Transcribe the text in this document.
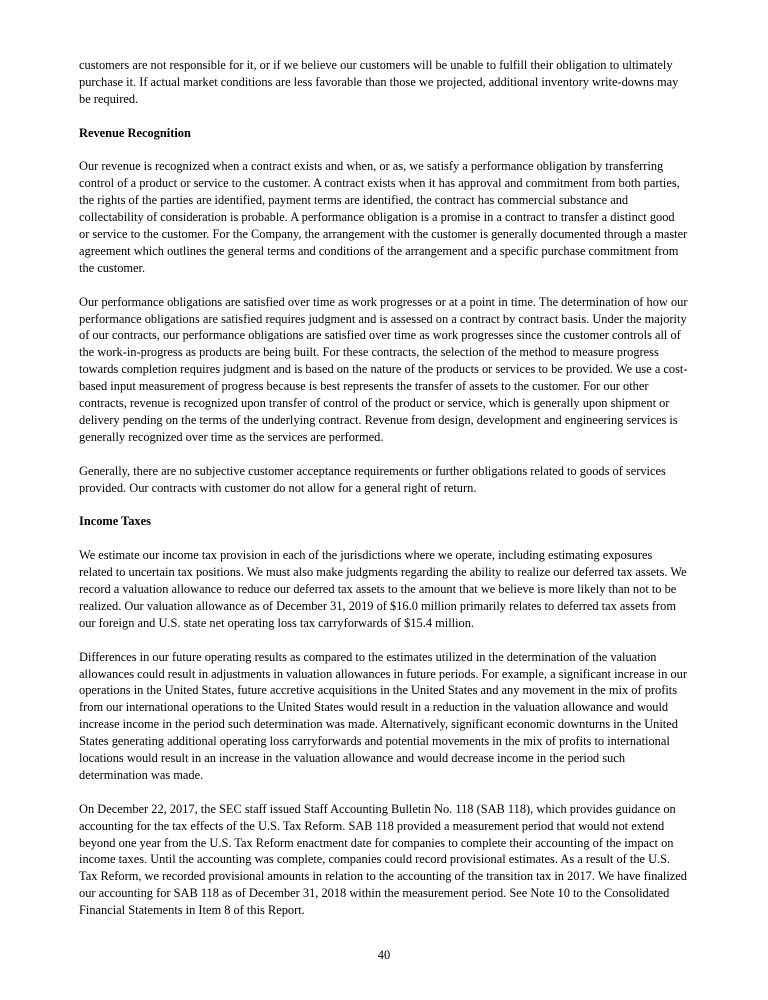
customers are not responsible for it, or if we believe our customers will be unable to fulfill their obligation to ultimately purchase it. If actual market conditions are less favorable than those we projected, additional inventory write-downs may be required.

Revenue Recognition

Our revenue is recognized when a contract exists and when, or as, we satisfy a performance obligation by transferring control of a product or service to the customer. A contract exists when it has approval and commitment from both parties, the rights of the parties are identified, payment terms are identified, the contract has commercial substance and collectability of consideration is probable. A performance obligation is a promise in a contract to transfer a distinct good or service to the customer. For the Company, the arrangement with the customer is generally documented through a master agreement which outlines the general terms and conditions of the arrangement and a specific purchase commitment from the customer.

Our performance obligations are satisfied over time as work progresses or at a point in time. The determination of how our performance obligations are satisfied requires judgment and is assessed on a contract by contract basis. Under the majority of our contracts, our performance obligations are satisfied over time as work progresses since the customer controls all of the work-in-progress as products are being built. For these contracts, the selection of the method to measure progress towards completion requires judgment and is based on the nature of the products or services to be provided. We use a cost-based input measurement of progress because is best represents the transfer of assets to the customer. For our other contracts, revenue is recognized upon transfer of control of the product or service, which is generally upon shipment or delivery pending on the terms of the underlying contract. Revenue from design, development and engineering services is generally recognized over time as the services are performed.

Generally, there are no subjective customer acceptance requirements or further obligations related to goods of services provided. Our contracts with customer do not allow for a general right of return.

Income Taxes

We estimate our income tax provision in each of the jurisdictions where we operate, including estimating exposures related to uncertain tax positions. We must also make judgments regarding the ability to realize our deferred tax assets. We record a valuation allowance to reduce our deferred tax assets to the amount that we believe is more likely than not to be realized. Our valuation allowance as of December 31, 2019 of $16.0 million primarily relates to deferred tax assets from our foreign and U.S. state net operating loss tax carryforwards of $15.4 million.

Differences in our future operating results as compared to the estimates utilized in the determination of the valuation allowances could result in adjustments in valuation allowances in future periods. For example, a significant increase in our operations in the United States, future accretive acquisitions in the United States and any movement in the mix of profits from our international operations to the United States would result in a reduction in the valuation allowance and would increase income in the period such determination was made. Alternatively, significant economic downturns in the United States generating additional operating loss carryforwards and potential movements in the mix of profits to international locations would result in an increase in the valuation allowance and would decrease income in the period such determination was made.

On December 22, 2017, the SEC staff issued Staff Accounting Bulletin No. 118 (SAB 118), which provides guidance on accounting for the tax effects of the U.S. Tax Reform. SAB 118 provided a measurement period that would not extend beyond one year from the U.S. Tax Reform enactment date for companies to complete their accounting of the impact on income taxes. Until the accounting was complete, companies could record provisional estimates. As a result of the U.S. Tax Reform, we recorded provisional amounts in relation to the accounting of the transition tax in 2017. We have finalized our accounting for SAB 118 as of December 31, 2018 within the measurement period. See Note 10 to the Consolidated Financial Statements in Item 8 of this Report.

40
